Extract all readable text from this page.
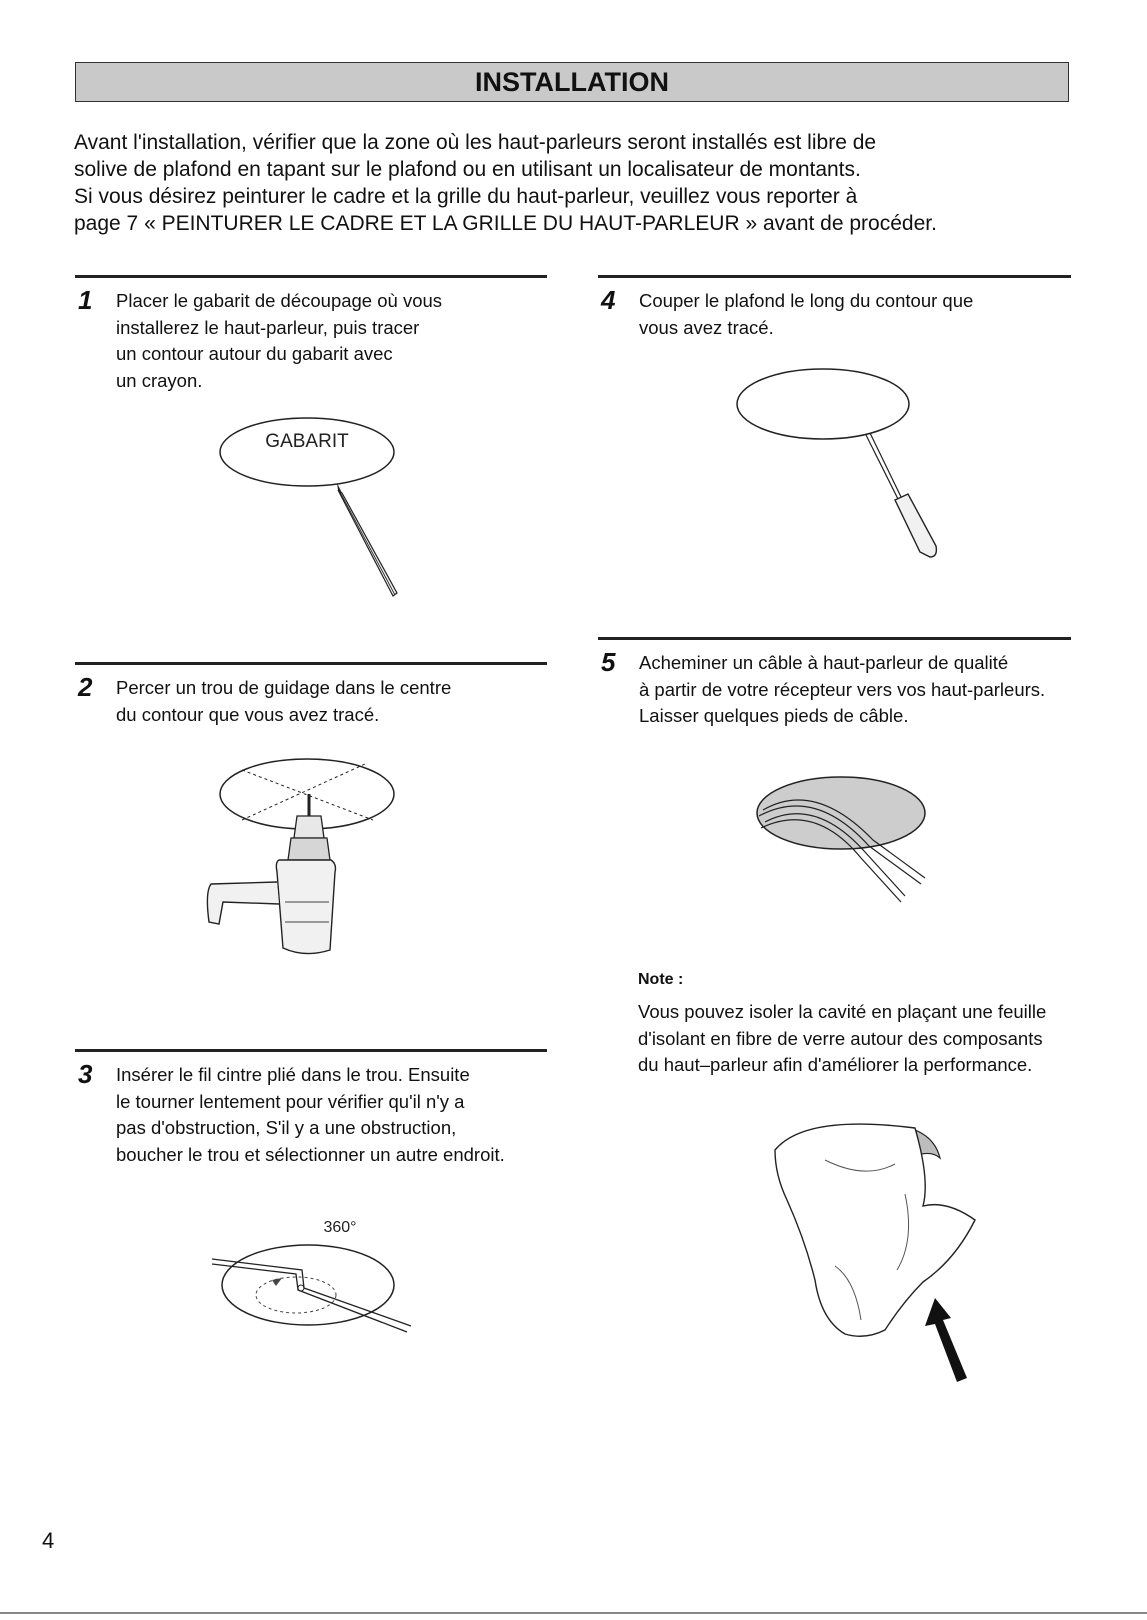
INSTALLATION

Avant l'installation, vérifier que la zone où les haut-parleurs seront installés est libre de

solive de plafond en tapant sur le plafond ou en utilisant un localisateur de montants.

Si vous désirez peinturer le cadre et la grille du haut-parleur, veuillez vous reporter à

page 7 « PEINTURER LE CADRE ET LA GRILLE DU HAUT-PARLEUR » avant de procéder.

1 Placer le gabarit de découpage où vous

installerez le haut-parleur, puis tracer

un contour autour du gabarit avec

un crayon.

GABARIT
2 Percer un trou de guidage dans le centre

du contour que vous avez tracé.

3 Insérer le fil cintre plié dans le trou. Ensuite

le tourner lentement pour vérifier qu'il n'y a

pas d'obstruction, S'il y a une obstruction,

boucher le trou et sélectionner un autre endroit.

360°
4 Couper le plafond le long du contour que

vous avez tracé.

5 Acheminer un câble à haut-parleur de qualité

à partir de votre récepteur vers vos haut-parleurs.

Laisser quelques pieds de câble.

Note :

Vous pouvez isoler la cavité en plaçant une feuille

d'isolant en fibre de verre autour des composants

du haut–parleur afin d'améliorer la performance.

4
